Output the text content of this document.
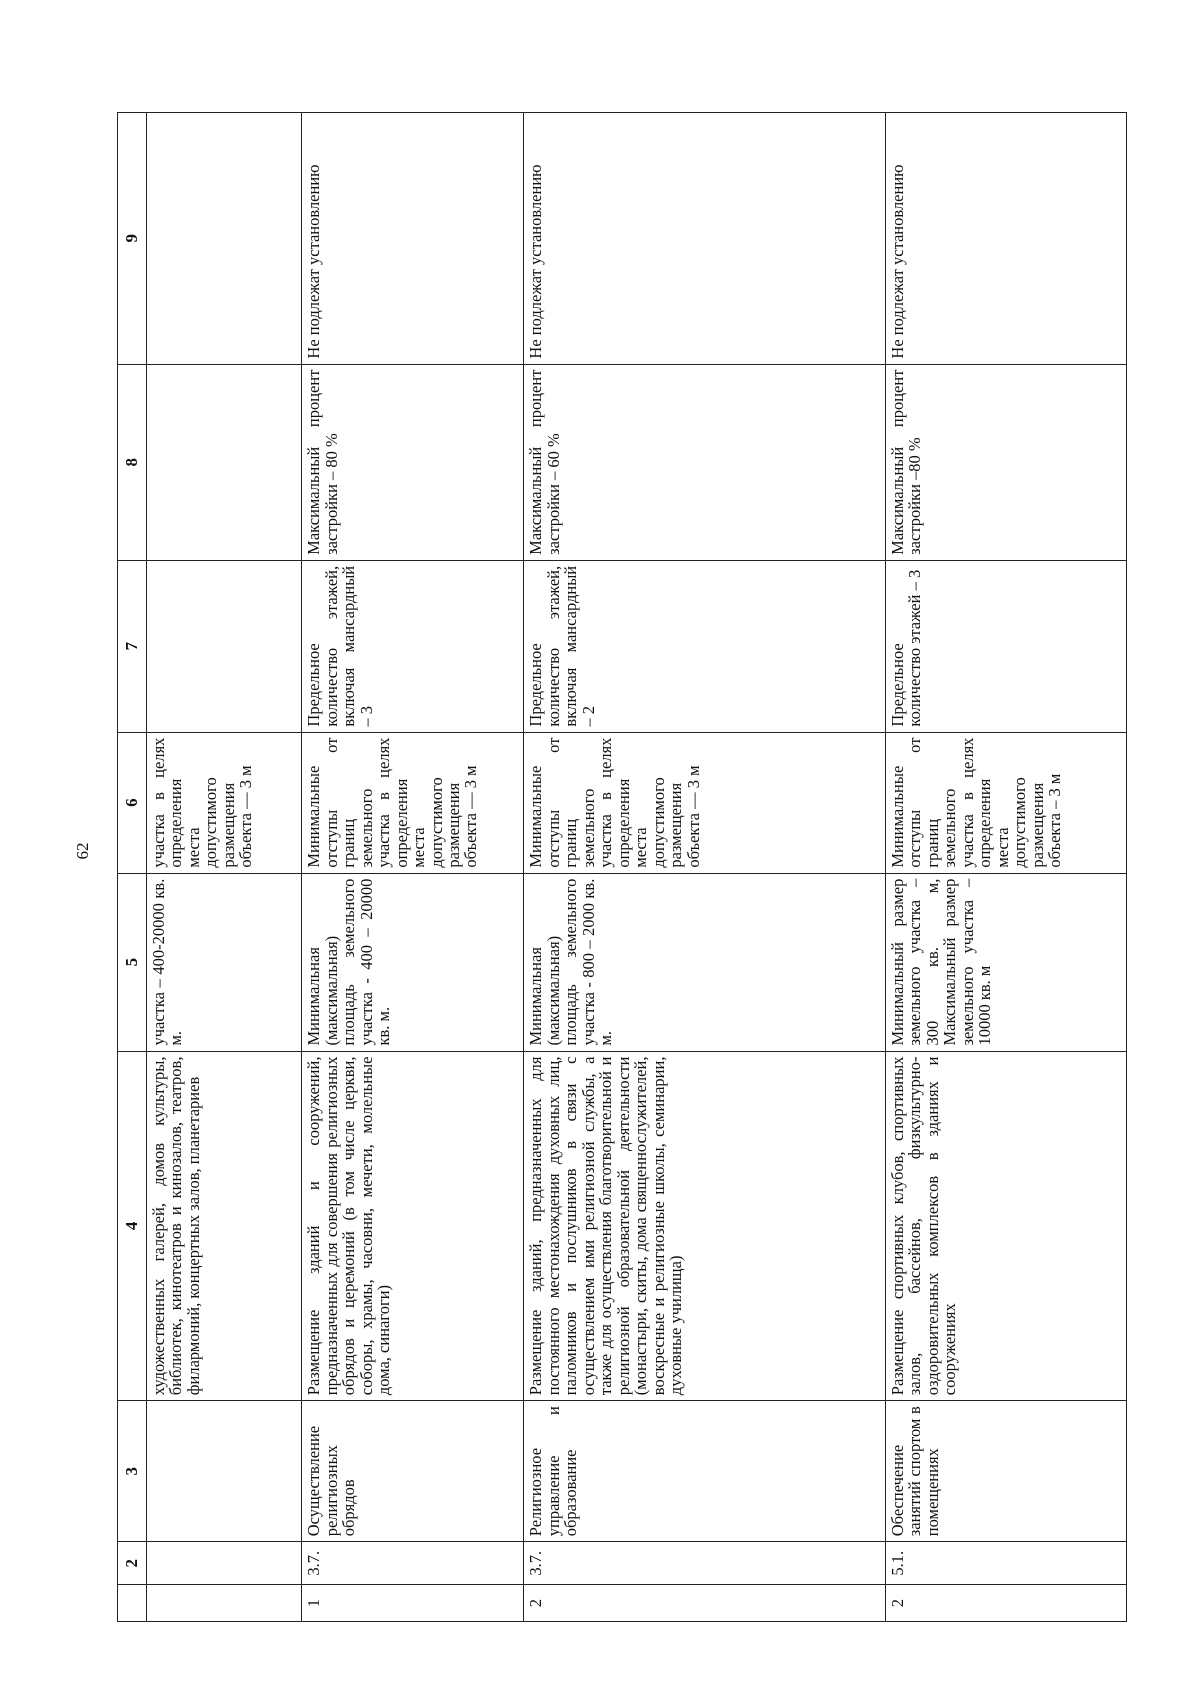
62
	2	3	4	5	6	7	8	9
			художественных галерей, домов культуры, библиотек, кинотеатров и кинозалов, театров, филармоний, концертных залов, планетариев	участка – 400-20000 кв. м.	участка в целях определения места допустимого размещения объекта — 3 м			
1	3.7.	Осуществление религиозных обрядов	Размещение зданий и сооружений, предназначенных для совершения религиозных обрядов и церемоний (в том числе церкви, соборы, храмы, часовни, мечети, молельные дома, синагоги)	Минимальная (максимальная) площадь земельного участка - 400 – 20000 кв. м.	Минимальные отступы от границ земельного участка в целях определения места допустимого размещения объекта — 3 м	Предельное количество этажей, включая мансардный – 3	Максимальный процент застройки – 80 %	Не подлежат установлению
2	3.7.	Религиозное управление и образование	Размещение зданий, предназначенных для постоянного местонахождения духовных лиц, паломников и послушников в связи с осуществлением ими религиозной службы, а также для осуществления благотворительной и религиозной образовательной деятельности (монастыри, скиты, дома священнослужителей, воскресные и религиозные школы, семинарии, духовные училища)	Минимальная (максимальная) площадь земельного участка - 800 – 2000 кв. м.	Минимальные отступы от границ земельного участка в целях определения места допустимого размещения объекта — 3 м	Предельное количество этажей, включая мансардный – 2	Максимальный процент застройки – 60 %	Не подлежат установлению
2	5.1.	Обеспечение занятий спортом в помещениях	Размещение спортивных клубов, спортивных залов, бассейнов, физкультурно-оздоровительных комплексов в зданиях и сооружениях	Минимальный размер земельного участка – 300 кв. м, Максимальный размер земельного участка – 10000 кв. м	Минимальные отступы от границ земельного участка в целях определения места допустимого размещения объекта – 3 м	Предельное количество этажей – 3	Максимальный процент застройки –80 %	Не подлежат установлению
